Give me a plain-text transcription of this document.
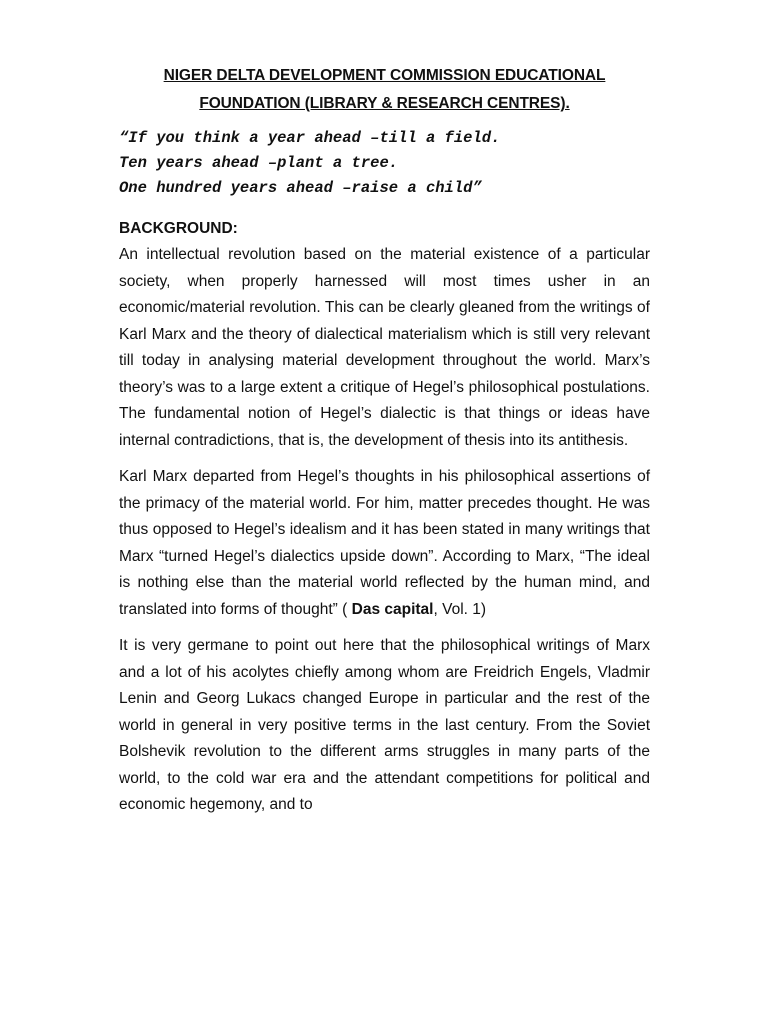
NIGER DELTA DEVELOPMENT COMMISSION EDUCATIONAL
FOUNDATION (LIBRARY & RESEARCH CENTRES).
“If you think a year ahead –till a field.
Ten years ahead –plant a tree.
One hundred years ahead –raise a child”
BACKGROUND:

An intellectual revolution based on the material existence of a particular society, when properly harnessed will most times usher in an economic/material revolution. This can be clearly gleaned from the writings of Karl Marx and the theory of dialectical materialism which is still very relevant till today in analysing material development throughout the world. Marx’s theory’s was to a large extent a critique of Hegel’s philosophical postulations. The fundamental notion of Hegel’s dialectic is that things or ideas have internal contradictions, that is, the development of thesis into its antithesis.

Karl Marx departed from Hegel’s thoughts in his philosophical assertions of the primacy of the material world. For him, matter precedes thought. He was thus opposed to Hegel’s idealism and it has been stated in many writings that Marx “turned Hegel’s dialectics upside down”. According to Marx, “The ideal is nothing else than the material world reflected by the human mind, and translated into forms of thought” ( Das capital, Vol. 1)

It is very germane to point out here that the philosophical writings of Marx and a lot of his acolytes chiefly among whom are Freidrich Engels, Vladmir Lenin and Georg Lukacs changed Europe in particular and the rest of the world in general in very positive terms in the last century. From the Soviet Bolshevik revolution to the different arms struggles in many parts of the world, to the cold war era and the attendant competitions for political and economic hegemony, and to
